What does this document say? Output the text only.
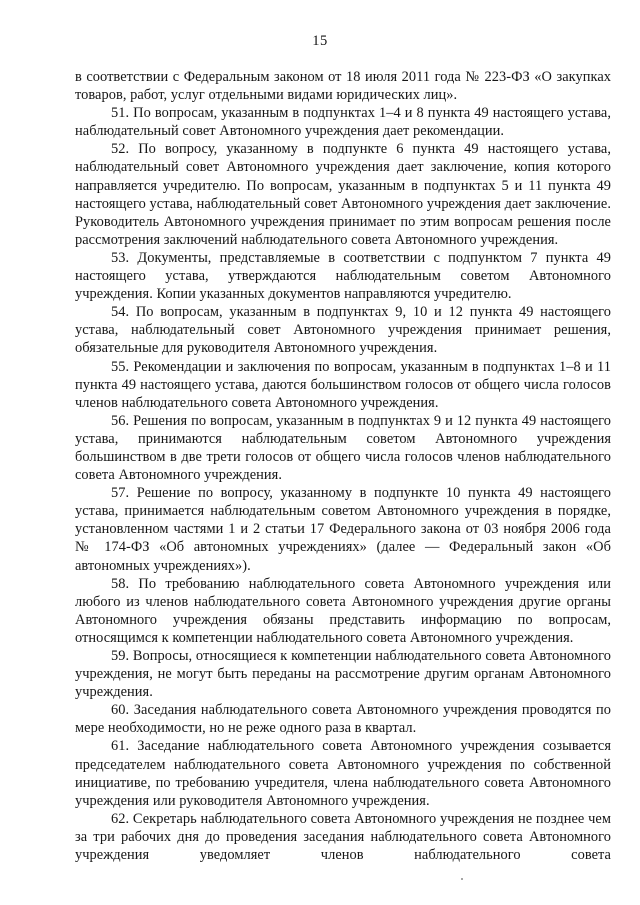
15

в соответствии с Федеральным законом от 18 июля 2011 года № 223-ФЗ «О закупках товаров, работ, услуг отдельными видами юридических лиц».

51. По вопросам, указанным в подпунктах 1–4 и 8 пункта 49 настоящего устава, наблюдательный совет Автономного учреждения дает рекомендации.

52. По вопросу, указанному в подпункте 6 пункта 49 настоящего устава, наблюдательный совет Автономного учреждения дает заключение, копия которого направляется учредителю. По вопросам, указанным в подпунктах 5 и 11 пункта 49 настоящего устава, наблюдательный совет Автономного учреждения дает заключение. Руководитель Автономного учреждения принимает по этим вопросам решения после рассмотрения заключений наблюдательного совета Автономного учреждения.

53. Документы, представляемые в соответствии с подпунктом 7 пункта 49 настоящего устава, утверждаются наблюдательным советом Автономного учреждения. Копии указанных документов направляются учредителю.

54. По вопросам, указанным в подпунктах 9, 10 и 12 пункта 49 настоящего устава, наблюдательный совет Автономного учреждения принимает решения, обязательные для руководителя Автономного учреждения.

55. Рекомендации и заключения по вопросам, указанным в подпунктах 1–8 и 11 пункта 49 настоящего устава, даются большинством голосов от общего числа голосов членов наблюдательного совета Автономного учреждения.

56. Решения по вопросам, указанным в подпунктах 9 и 12 пункта 49 настоящего устава, принимаются наблюдательным советом Автономного учреждения большинством в две трети голосов от общего числа голосов членов наблюдательного совета Автономного учреждения.

57. Решение по вопросу, указанному в подпункте 10 пункта 49 настоящего устава, принимается наблюдательным советом Автономного учреждения в порядке, установленном частями 1 и 2 статьи 17 Федерального закона от 03 ноября 2006 года № 174-ФЗ «Об автономных учреждениях» (далее — Федеральный закон «Об автономных учреждениях»).

58. По требованию наблюдательного совета Автономного учреждения или любого из членов наблюдательного совета Автономного учреждения другие органы Автономного учреждения обязаны представить информацию по вопросам, относящимся к компетенции наблюдательного совета Автономного учреждения.

59. Вопросы, относящиеся к компетенции наблюдательного совета Автономного учреждения, не могут быть переданы на рассмотрение другим органам Автономного учреждения.

60. Заседания наблюдательного совета Автономного учреждения проводятся по мере необходимости, но не реже одного раза в квартал.

61. Заседание наблюдательного совета Автономного учреждения созывается председателем наблюдательного совета Автономного учреждения по собственной инициативе, по требованию учредителя, члена наблюдательного совета Автономного учреждения или руководителя Автономного учреждения.

62. Секретарь наблюдательного совета Автономного учреждения не позднее чем за три рабочих дня до проведения заседания наблюдательного совета Автономного учреждения уведомляет членов наблюдательного совета
